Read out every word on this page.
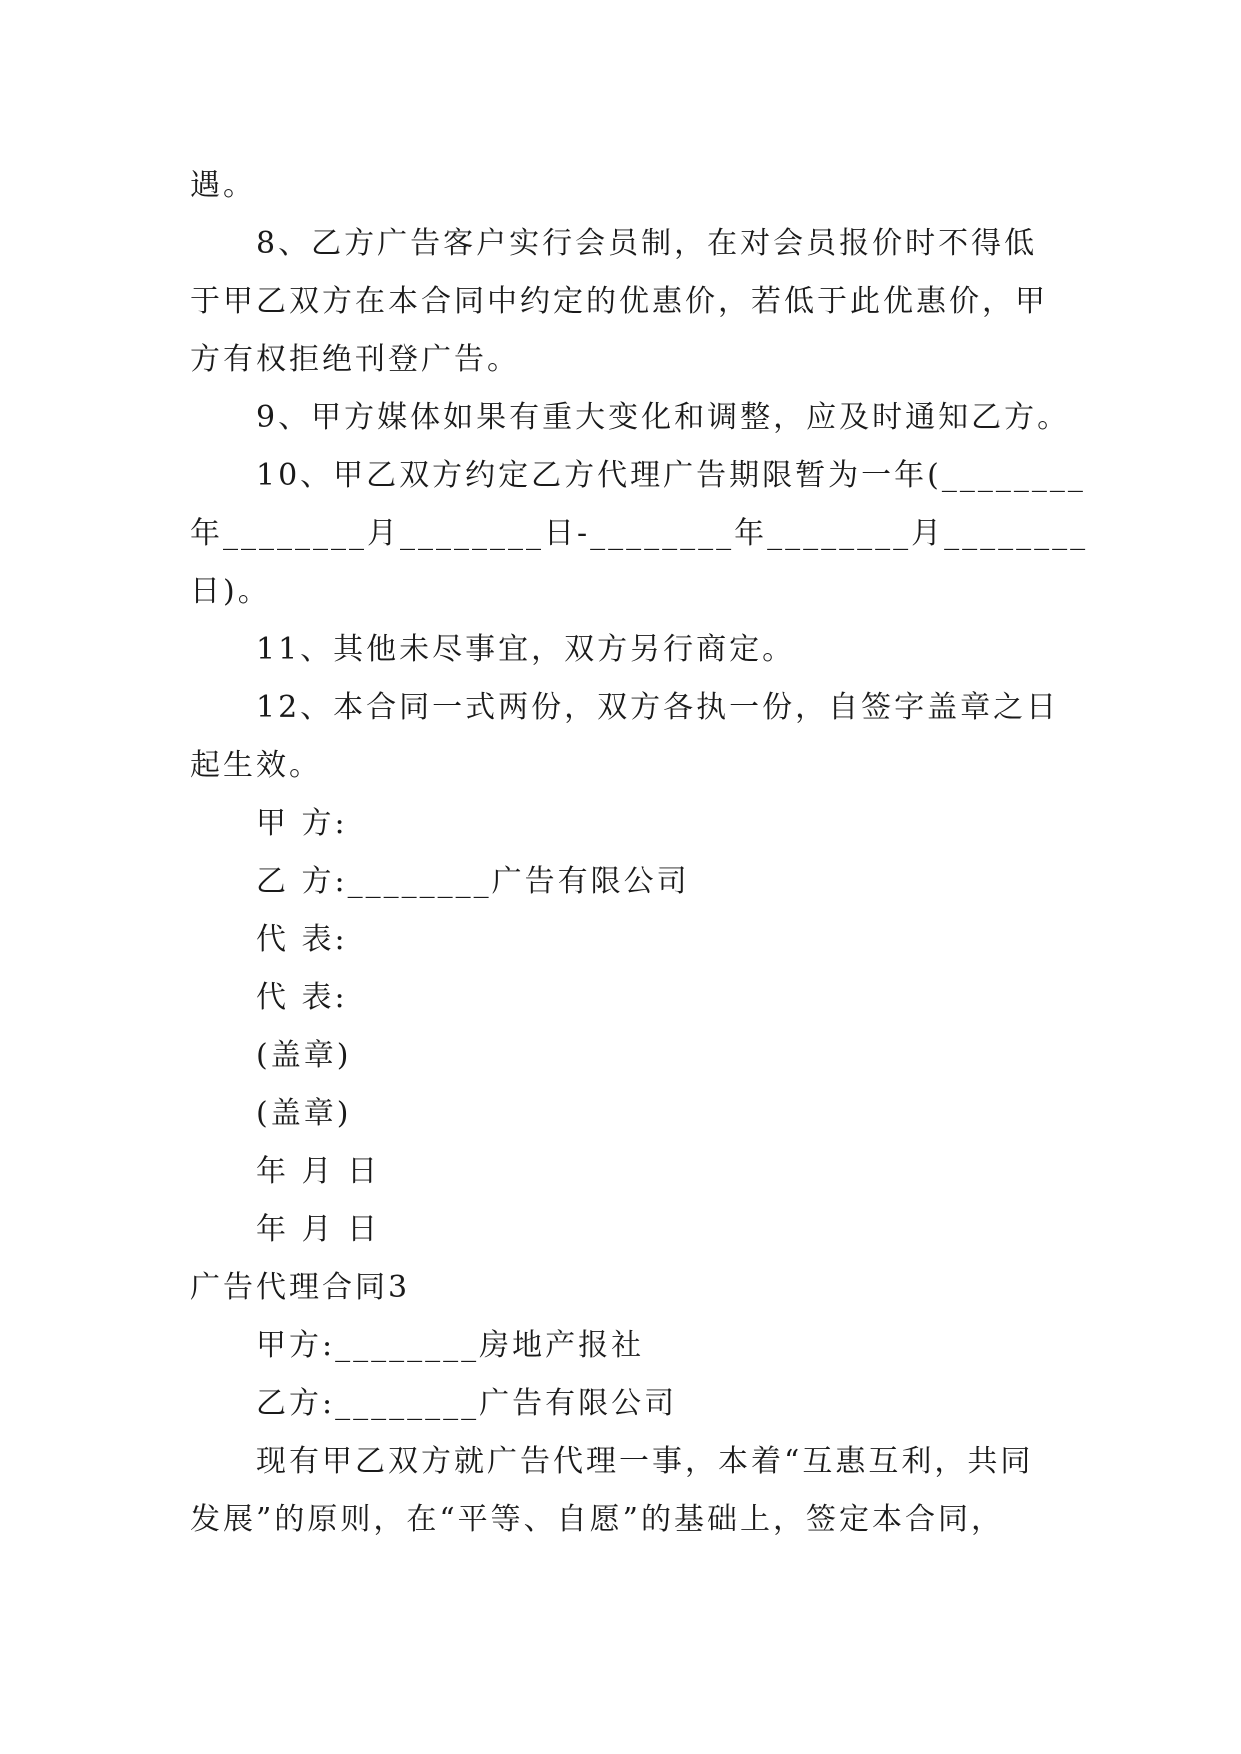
遇。
8、乙方广告客户实行会员制，在对会员报价时不得低
于甲乙双方在本合同中约定的优惠价，若低于此优惠价，甲
方有权拒绝刊登广告。
9、甲方媒体如果有重大变化和调整，应及时通知乙方。
10、甲乙双方约定乙方代理广告期限暂为一年(________
年________月________日-________年________月________
日)。
11、其他未尽事宜，双方另行商定。
12、本合同一式两份，双方各执一份，自签字盖章之日
起生效。
甲 方:
乙 方:________广告有限公司
代 表:
代 表:
(盖章)
(盖章)
年 月 日
年 月 日
广告代理合同3
甲方:________房地产报社
乙方:________广告有限公司
现有甲乙双方就广告代理一事，本着“互惠互利，共同
发展”的原则，在“平等、自愿”的基础上，签定本合同，
